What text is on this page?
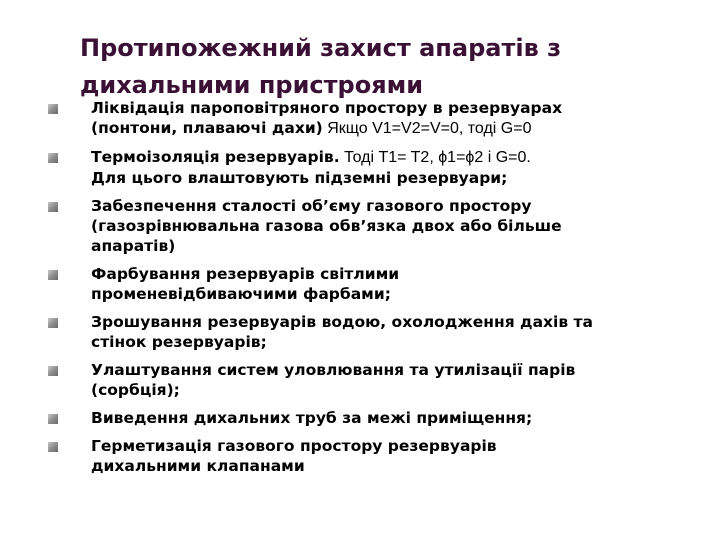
Протипожежний захист апаратів з
дихальними пристроями
Ліквідація пароповітряного простору в резервуарах
(понтони, плаваючі дахи) Якщо V1=V2=V=0, тоді G=0
Термоізоляція резервуарів. Тоді T1= T2, ϕ1=ϕ2 і G=0.
Для цього влаштовують підземні резервуари;
Забезпечення сталості об’єму газового простору
(газозрівнювальна газова обв’язка двох або більше
апаратів)
Фарбування резервуарів світлими
променевідбиваючими фарбами;
Зрошування резервуарів водою, охолодження дахів та
стінок резервуарів;
Улаштування систем уловлювання та утилізації парів
(сорбція);
Виведення дихальних труб за межі приміщення;
Герметизація газового простору резервуарів
дихальними клапанами
